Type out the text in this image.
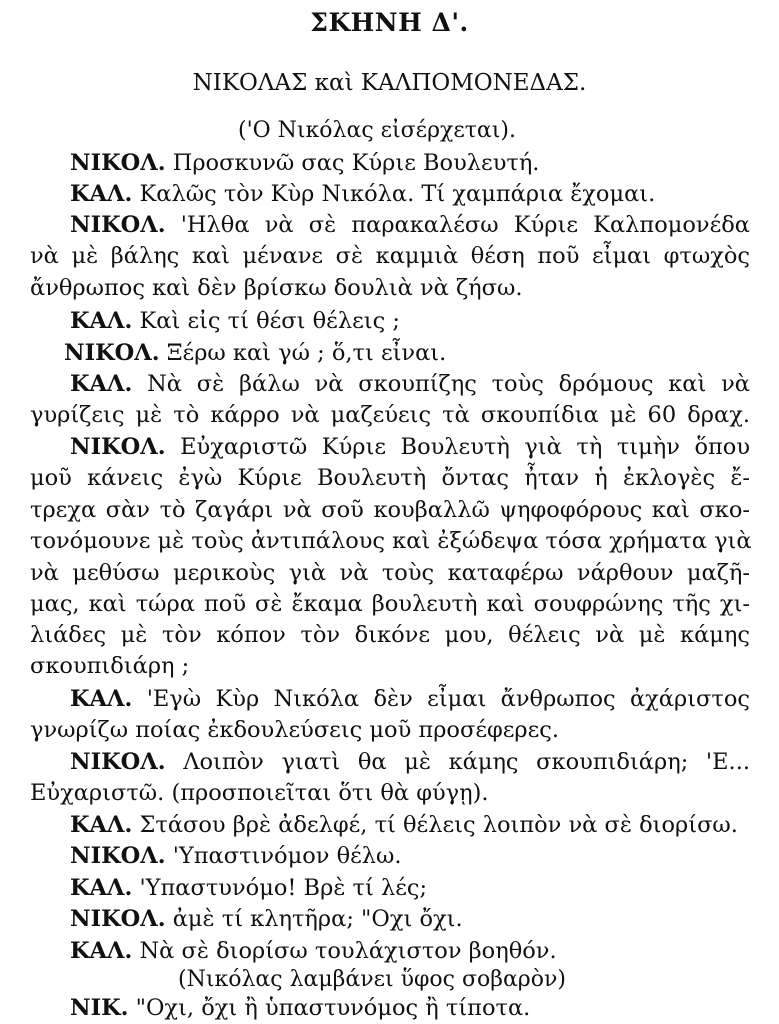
ΣΚΗΝΗ Δ'.
ΝΙΚΟΛΑΣ καὶ ΚΑΛΠΟΜΟΝΕΔΑΣ.
('Ο Νικόλας εἰσέρχεται).
ΝΙΚΟΛ. Προσκυνῶ σας Κύριε Βουλευτή.
ΚΑΛ. Καλῶς τὸν Κὺρ Νικόλα. Τί χαμπάρια ἔχομαι.
ΝΙΚΟΛ. 'Ηλθα νὰ σὲ παρακαλέσω Κύριε Καλπομονέδα
νὰ μὲ βάλης καὶ μένανε σὲ καμμιὰ θέση ποῦ εἶμαι φτωχὸς
ἄνθρωπος καὶ δὲν βρίσκω δουλιὰ νὰ ζήσω.
ΚΑΛ. Καὶ εἰς τί θέσι θέλεις ;
ΝΙΚΟΛ. Ξέρω καὶ γώ ; ὅ,τι εἶναι.
ΚΑΛ. Νὰ σὲ βάλω νὰ σκουπίζης τοὺς δρόμους καὶ νὰ
γυρίζεις μὲ τὸ κάρρο νὰ μαζεύεις τὰ σκουπίδια μὲ 60 δραχ.
ΝΙΚΟΛ. Εὐχαριστῶ Κύριε Βουλευτὴ γιὰ τὴ τιμὴν ὅπου
μοῦ κάνεις ἐγὼ Κύριε Βουλευτὴ ὄντας ἦταν ἡ ἐκλογὲς ἔ-
τρεχα σὰν τὸ ζαγάρι νὰ σοῦ κουβαλλῶ ψηφοφόρους καὶ σκο-
τονόμουνε μὲ τοὺς ἀντιπάλους καὶ ἐξώδεψα τόσα χρήματα γιὰ
νὰ μεθύσω μερικοὺς γιὰ νὰ τοὺς καταφέρω νάρθουν μαζῆ-
μας, καὶ τώρα ποῦ σὲ ἔκαμα βουλευτὴ καὶ σουφρώνης τῆς χι-
λιάδες μὲ τὸν κόπον τὸν δικόνε μου, θέλεις νὰ μὲ κάμης
σκουπιδιάρη ;
ΚΑΛ. 'Εγὼ Κὺρ Νικόλα δὲν εἶμαι ἄνθρωπος ἀχάριστος
γνωρίζω ποίας ἐκδουλεύσεις μοῦ προσέφερες.
ΝΙΚΟΛ. Λοιπὸν γιατὶ θα μὲ κάμης σκουπιδιάρη; 'Ε...
Εὐχαριστῶ. (προσποιεῖται ὅτι θὰ φύγῃ).
ΚΑΛ. Στάσου βρὲ ἀδελφέ, τί θέλεις λοιπὸν νὰ σὲ διορίσω.
ΝΙΚΟΛ. 'Υπαστινόμον θέλω.
ΚΑΛ. 'Υπαστυνόμο! Βρὲ τί λές;
ΝΙΚΟΛ. ἀμὲ τί κλητῆρα; "Οχι ὄχι.
ΚΑΛ. Νὰ σὲ διορίσω τουλάχιστον βοηθόν.
(Νικόλας λαμβάνει ὕφος σοβαρὸν)
ΝΙΚ. "Οχι, ὄχι ἢ ὑπαστυνόμος ἢ τίποτα.
